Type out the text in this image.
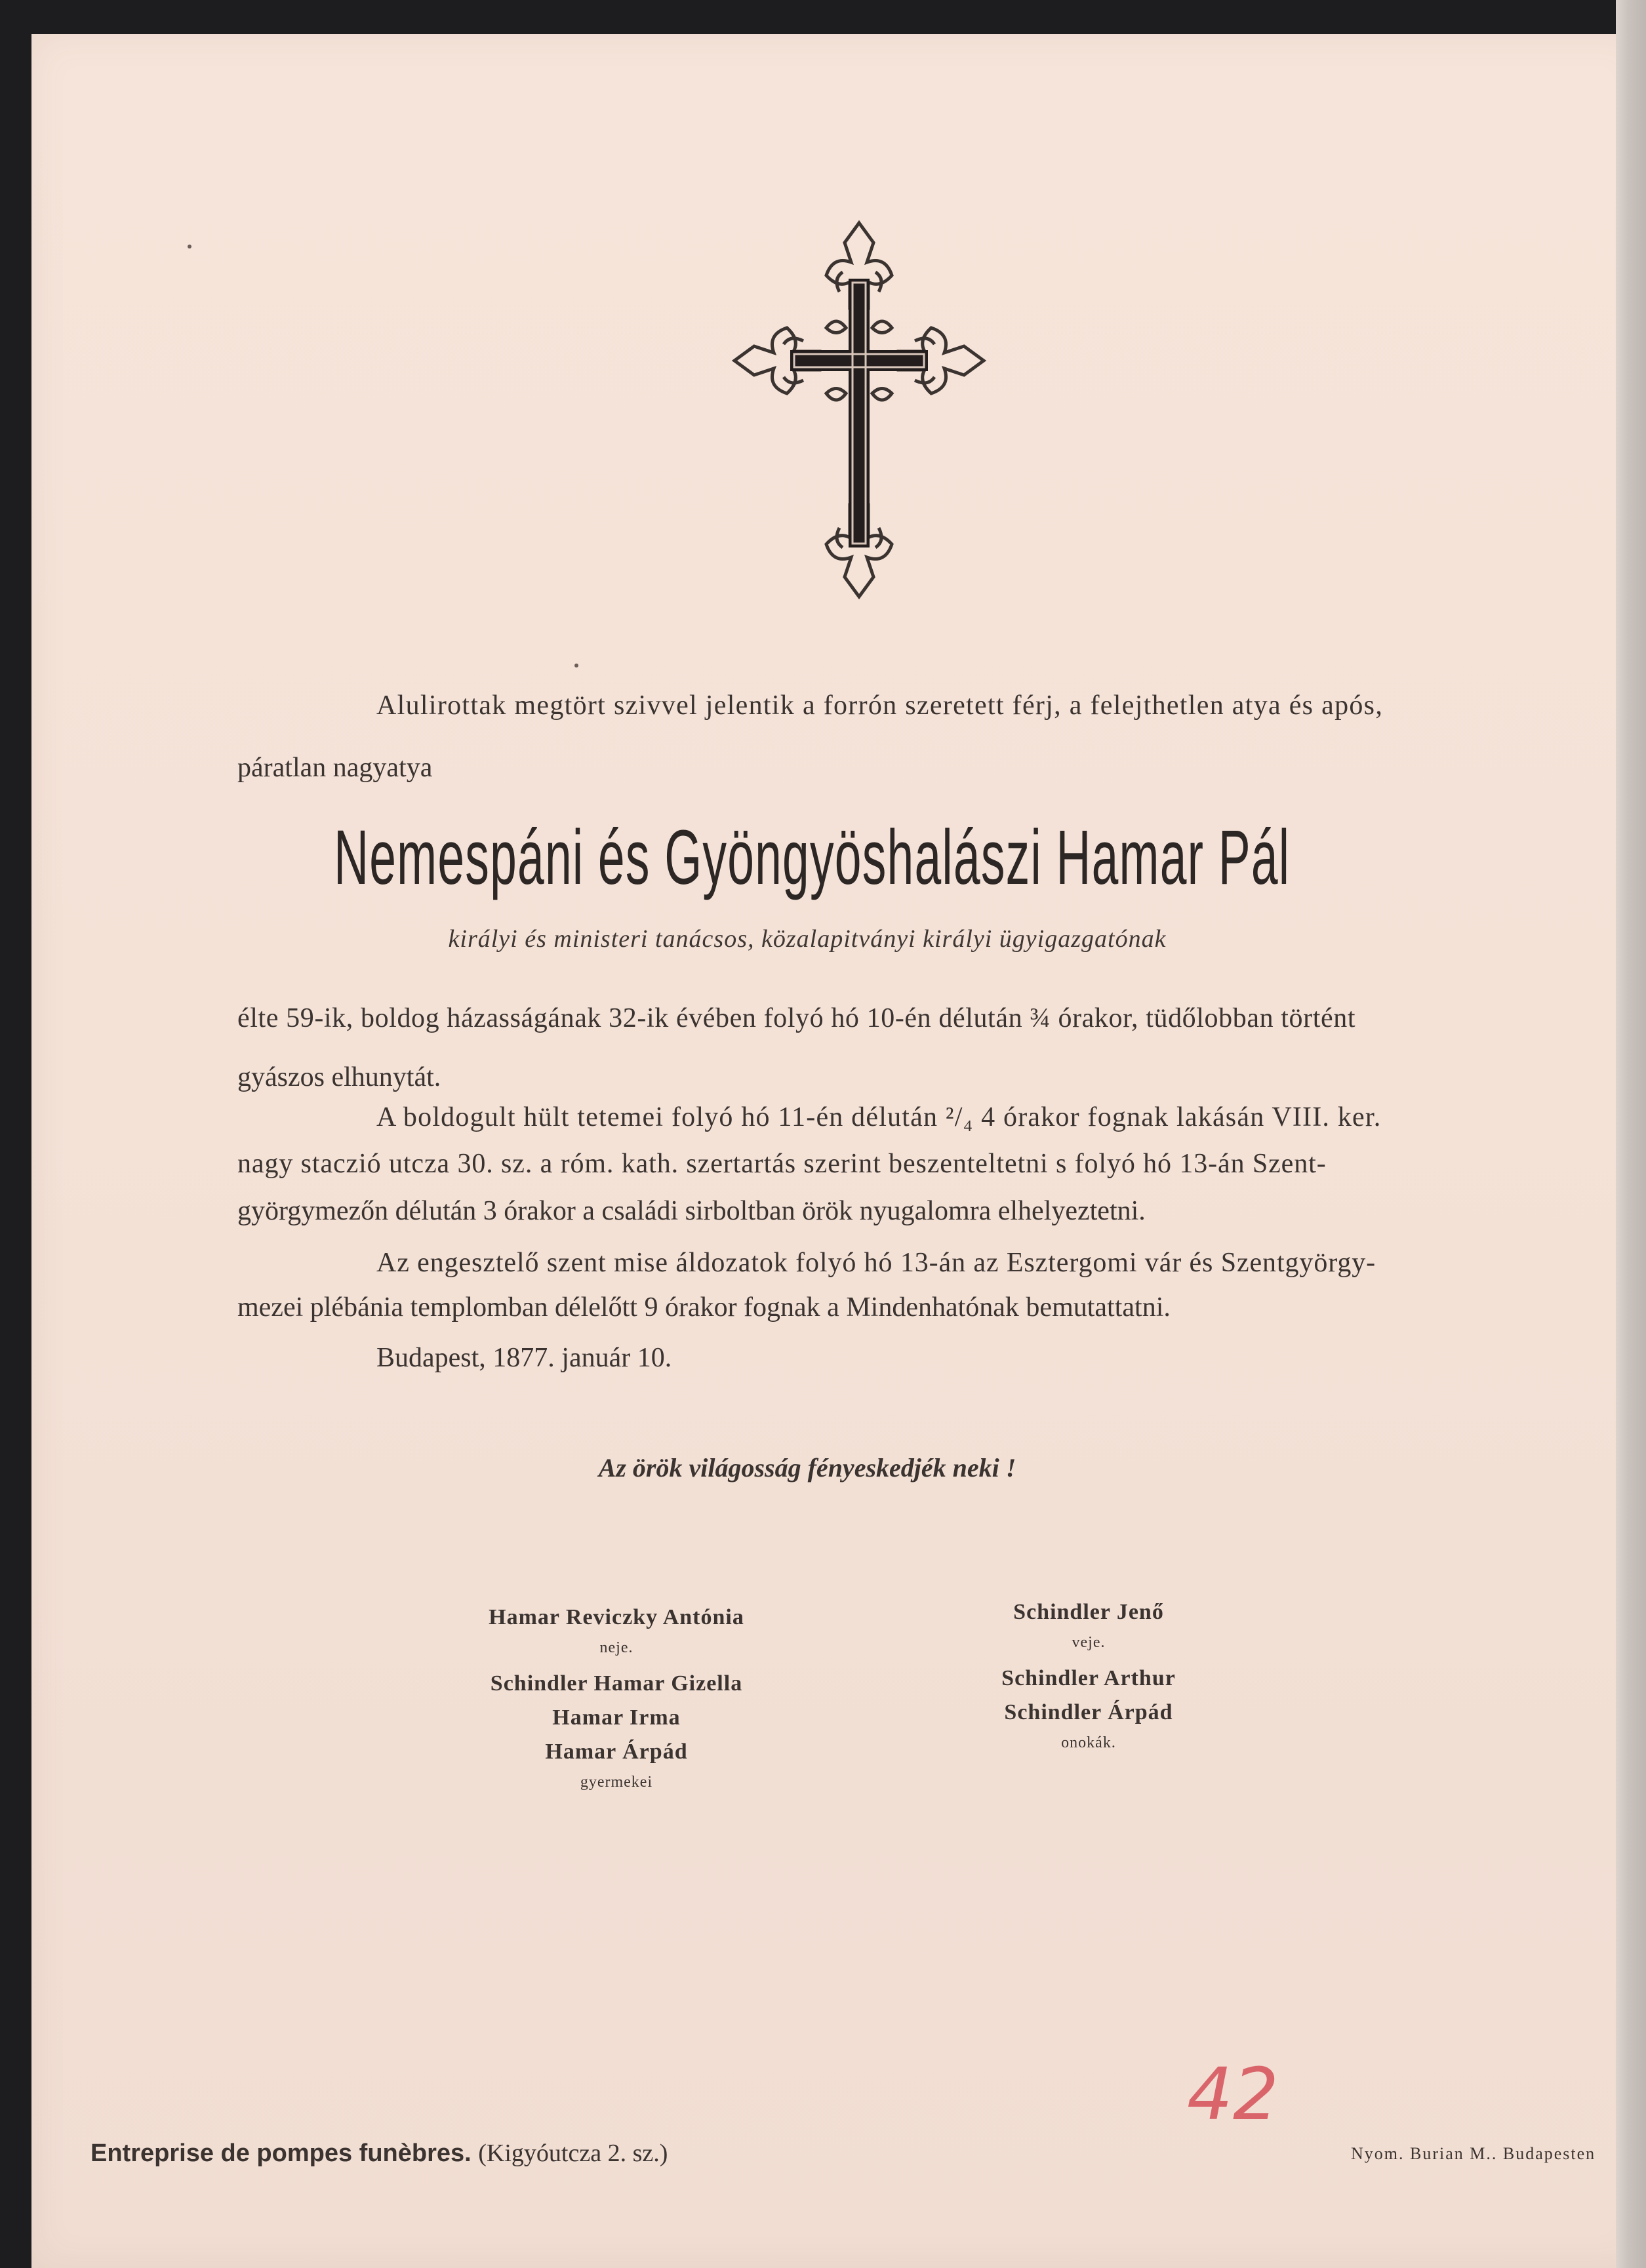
Alulirottak megtört szivvel jelentik a forrón szeretett férj, a felejthetlen atya és após,
páratlan nagyatya
Nemespáni és Gyöngyöshalászi Hamar Pál
királyi és ministeri tanácsos, közalapitványi királyi ügyigazgatónak
élte 59-ik, boldog házasságának 32-ik évében folyó hó 10-én délután ¾ órakor, tüdőlobban történt
gyászos elhunytát.
A boldogult hült tetemei folyó hó 11-én délután ²/₄ 4 órakor fognak lakásán VIII. ker.
nagy staczió utcza 30. sz. a róm. kath. szertartás szerint beszenteltetni s folyó hó 13-án Szent-
györgymezőn délután 3 órakor a családi sirboltban örök nyugalomra elhelyeztetni.
Az engesztelő szent mise áldozatok folyó hó 13-án az Esztergomi vár és Szentgyörgy-
mezei plébánia templomban délelőtt 9 órakor fognak a Mindenhatónak bemutattatni.
Budapest, 1877. január 10.
Az örök világosság fényeskedjék neki !
Hamar Reviczky Antónia
neje.
Schindler Hamar Gizella
Hamar Irma
Hamar Árpád
gyermekei
Schindler Jenő
veje.
Schindler Arthur
Schindler Árpád
onokák.
42
Entreprise de pompes funèbres. (Kigyóutcza 2. sz.)	Nyom. Burian M.. Budapesten
